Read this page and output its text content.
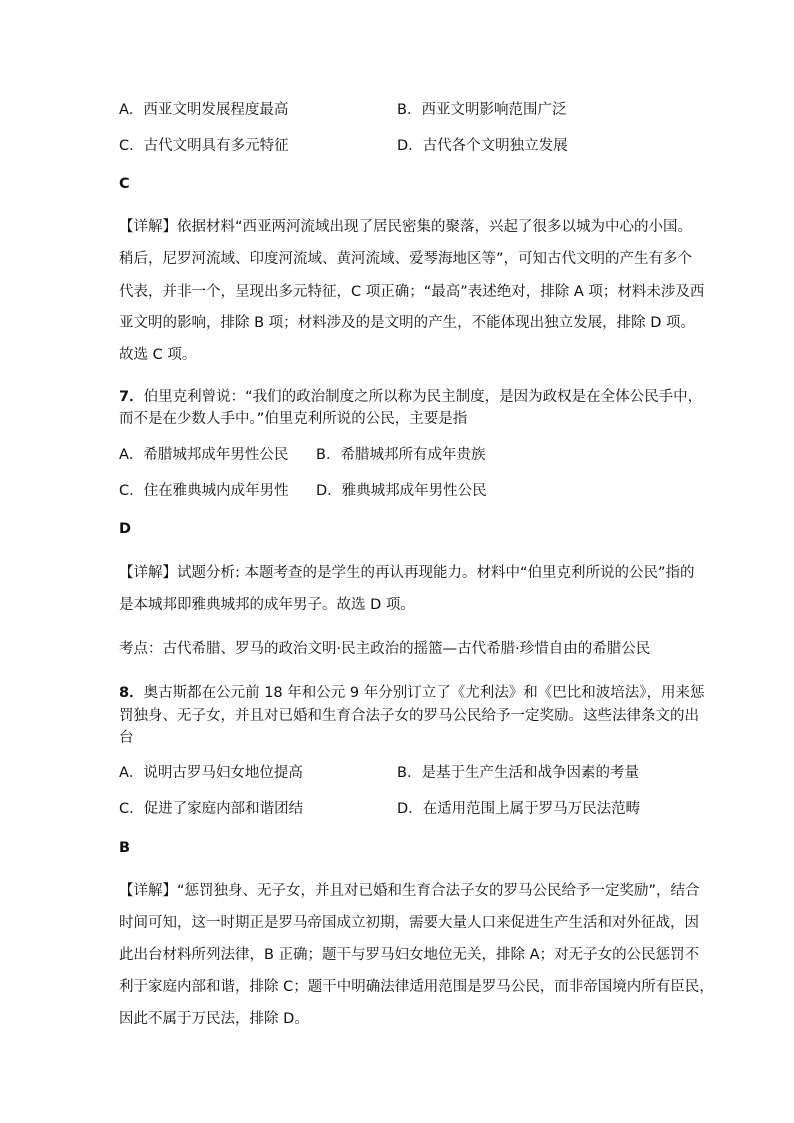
A．西亚文明发展程度最高	B．西亚文明影响范围广泛
C．古代文明具有多元特征	D．古代各个文明独立发展
C
【详解】依据材料“西亚两河流域出现了居民密集的聚落，兴起了很多以城为中心的小国。
稍后，尼罗河流域、印度河流域、黄河流域、爱琴海地区等”，可知古代文明的产生有多个
代表，并非一个，呈现出多元特征，C 项正确；“最高”表述绝对，排除 A 项；材料未涉及西
亚文明的影响，排除 B 项；材料涉及的是文明的产生，不能体现出独立发展，排除 D 项。
故选 C 项。
7．伯里克利曾说：“我们的政治制度之所以称为民主制度，是因为政权是在全体公民手中，
而不是在少数人手中。”伯里克利所说的公民，主要是指
A．希腊城邦成年男性公民 B．希腊城邦所有成年贵族
C．住在雅典城内成年男性 D．雅典城邦成年男性公民
D
【详解】试题分析: 本题考查的是学生的再认再现能力。材料中“伯里克利所说的公民”指的
是本城邦即雅典城邦的成年男子。故选 D 项。
考点：古代希腊、罗马的政治文明·民主政治的摇篮—古代希腊·珍惜自由的希腊公民
8．奥古斯都在公元前 18 年和公元 9 年分别订立了《尤利法》和《巴比和波培法》，用来惩
罚独身、无子女，并且对已婚和生育合法子女的罗马公民给予一定奖励。这些法律条文的出
台
A．说明古罗马妇女地位提高	B．是基于生产生活和战争因素的考量
C．促进了家庭内部和谐团结	D．在适用范围上属于罗马万民法范畴
B
【详解】“惩罚独身、无子女，并且对已婚和生育合法子女的罗马公民给予一定奖励”，结合
时间可知，这一时期正是罗马帝国成立初期，需要大量人口来促进生产生活和对外征战，因
此出台材料所列法律，B 正确；题干与罗马妇女地位无关，排除 A；对无子女的公民惩罚不
利于家庭内部和谐，排除 C；题干中明确法律适用范围是罗马公民，而非帝国境内所有臣民，
因此不属于万民法，排除 D。
